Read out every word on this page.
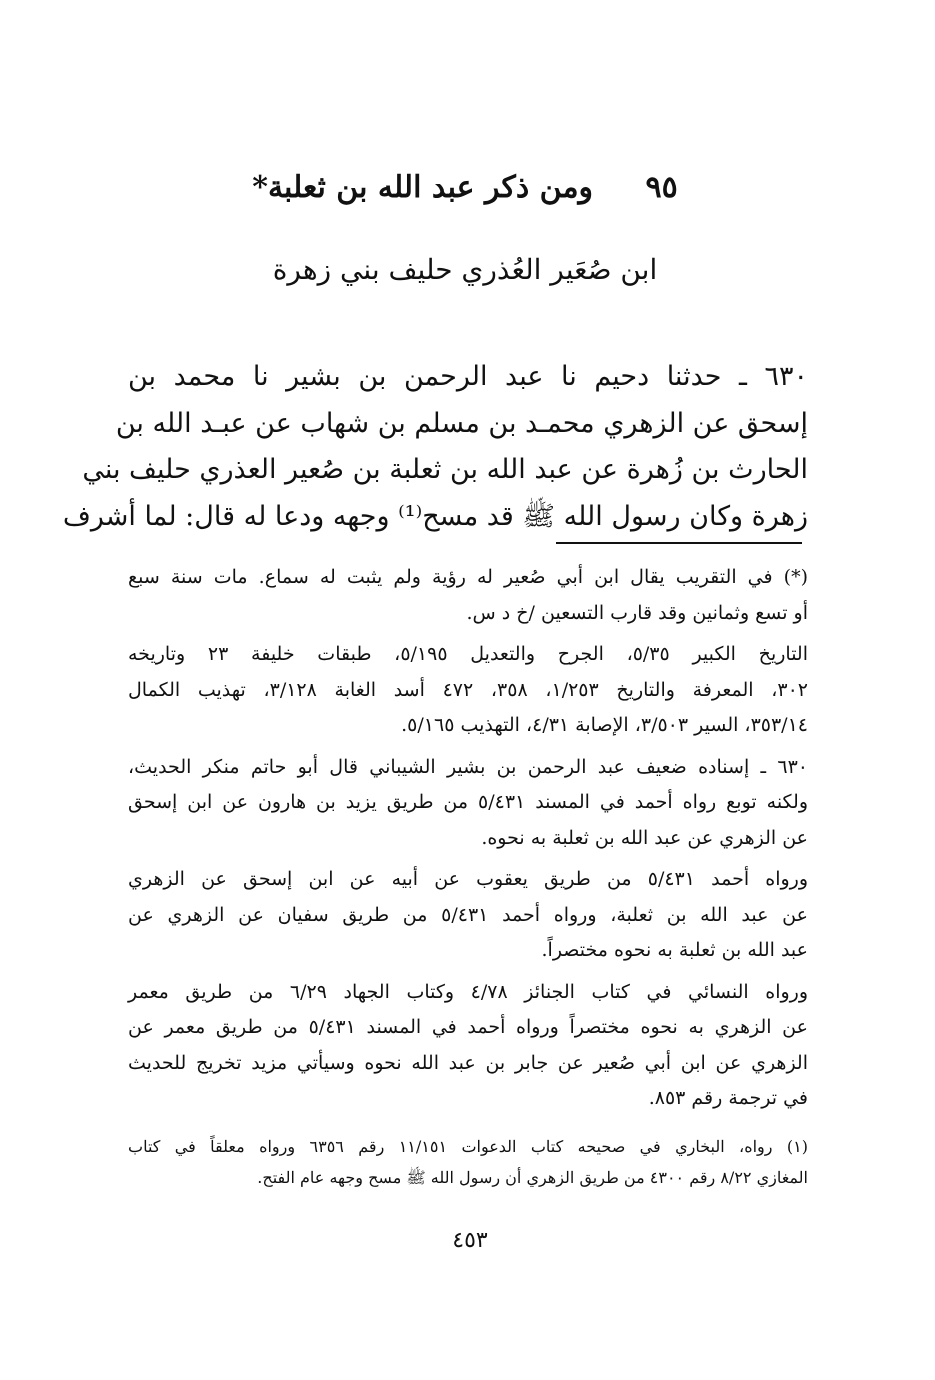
٩٥ ومن ذكر عبد الله بن ثعلبة*
ابن صُعَير العُذري حليف بني زهرة
٦٣٠ ـ حدثنا دحيم نا عبد الرحمن بن بشير نا محمد بن
إسحق عن الزهري محمـد بن مسلم بن شهاب عن عبـد الله بن
الحارث بن زُهرة عن عبد الله بن ثعلبة بن صُعير العذري حليف بني
زهرة وكان رسول الله ﷺ قد مسح⁽¹⁾ وجهه ودعا له قال: لما أشرف
(*) في التقريب يقال ابن أبي صُعير له رؤية ولم يثبت له سماع. مات سنة سبع
أو تسع وثمانين وقد قارب التسعين /خ د س.
التاريخ الكبير ٥/٣٥، الجرح والتعديل ٥/١٩٥، طبقات خليفة ٢٣ وتاريخه
٣٠٢، المعرفة والتاريخ ١/٢٥٣، ٣٥٨، ٤٧٢ أسد الغابة ٣/١٢٨، تهذيب الكمال
٣٥٣/١٤، السير ٣/٥٠٣، الإصابة ٤/٣١، التهذيب ٥/١٦٥.
٦٣٠ ـ إسناده ضعيف عبد الرحمن بن بشير الشيباني قال أبو حاتم منكر الحديث،
ولكنه توبع رواه أحمد في المسند ٥/٤٣١ من طريق يزيد بن هارون عن ابن إسحق
عن الزهري عن عبد الله بن ثعلبة به نحوه.
ورواه أحمد ٥/٤٣١ من طريق يعقوب عن أبيه عن ابن إسحق عن الزهري
عن عبد الله بن ثعلبة، ورواه أحمد ٥/٤٣١ من طريق سفيان عن الزهري عن
عبد الله بن ثعلبة به نحوه مختصراً.
ورواه النسائي في كتاب الجنائز ٤/٧٨ وكتاب الجهاد ٦/٢٩ من طريق معمر
عن الزهري به نحوه مختصراً ورواه أحمد في المسند ٥/٤٣١ من طريق معمر عن
الزهري عن ابن أبي صُعير عن جابر بن عبد الله نحوه وسيأتي مزيد تخريج للحديث
في ترجمة رقم ٨٥٣.
(١) رواه، البخاري في صحيحه كتاب الدعوات ١١/١٥١ رقم ٦٣٥٦ ورواه معلقاً في كتاب
المغازي ٨/٢٢ رقم ٤٣٠٠ من طريق الزهري أن رسول الله ﷺ مسح وجهه عام الفتح.
٤٥٣
